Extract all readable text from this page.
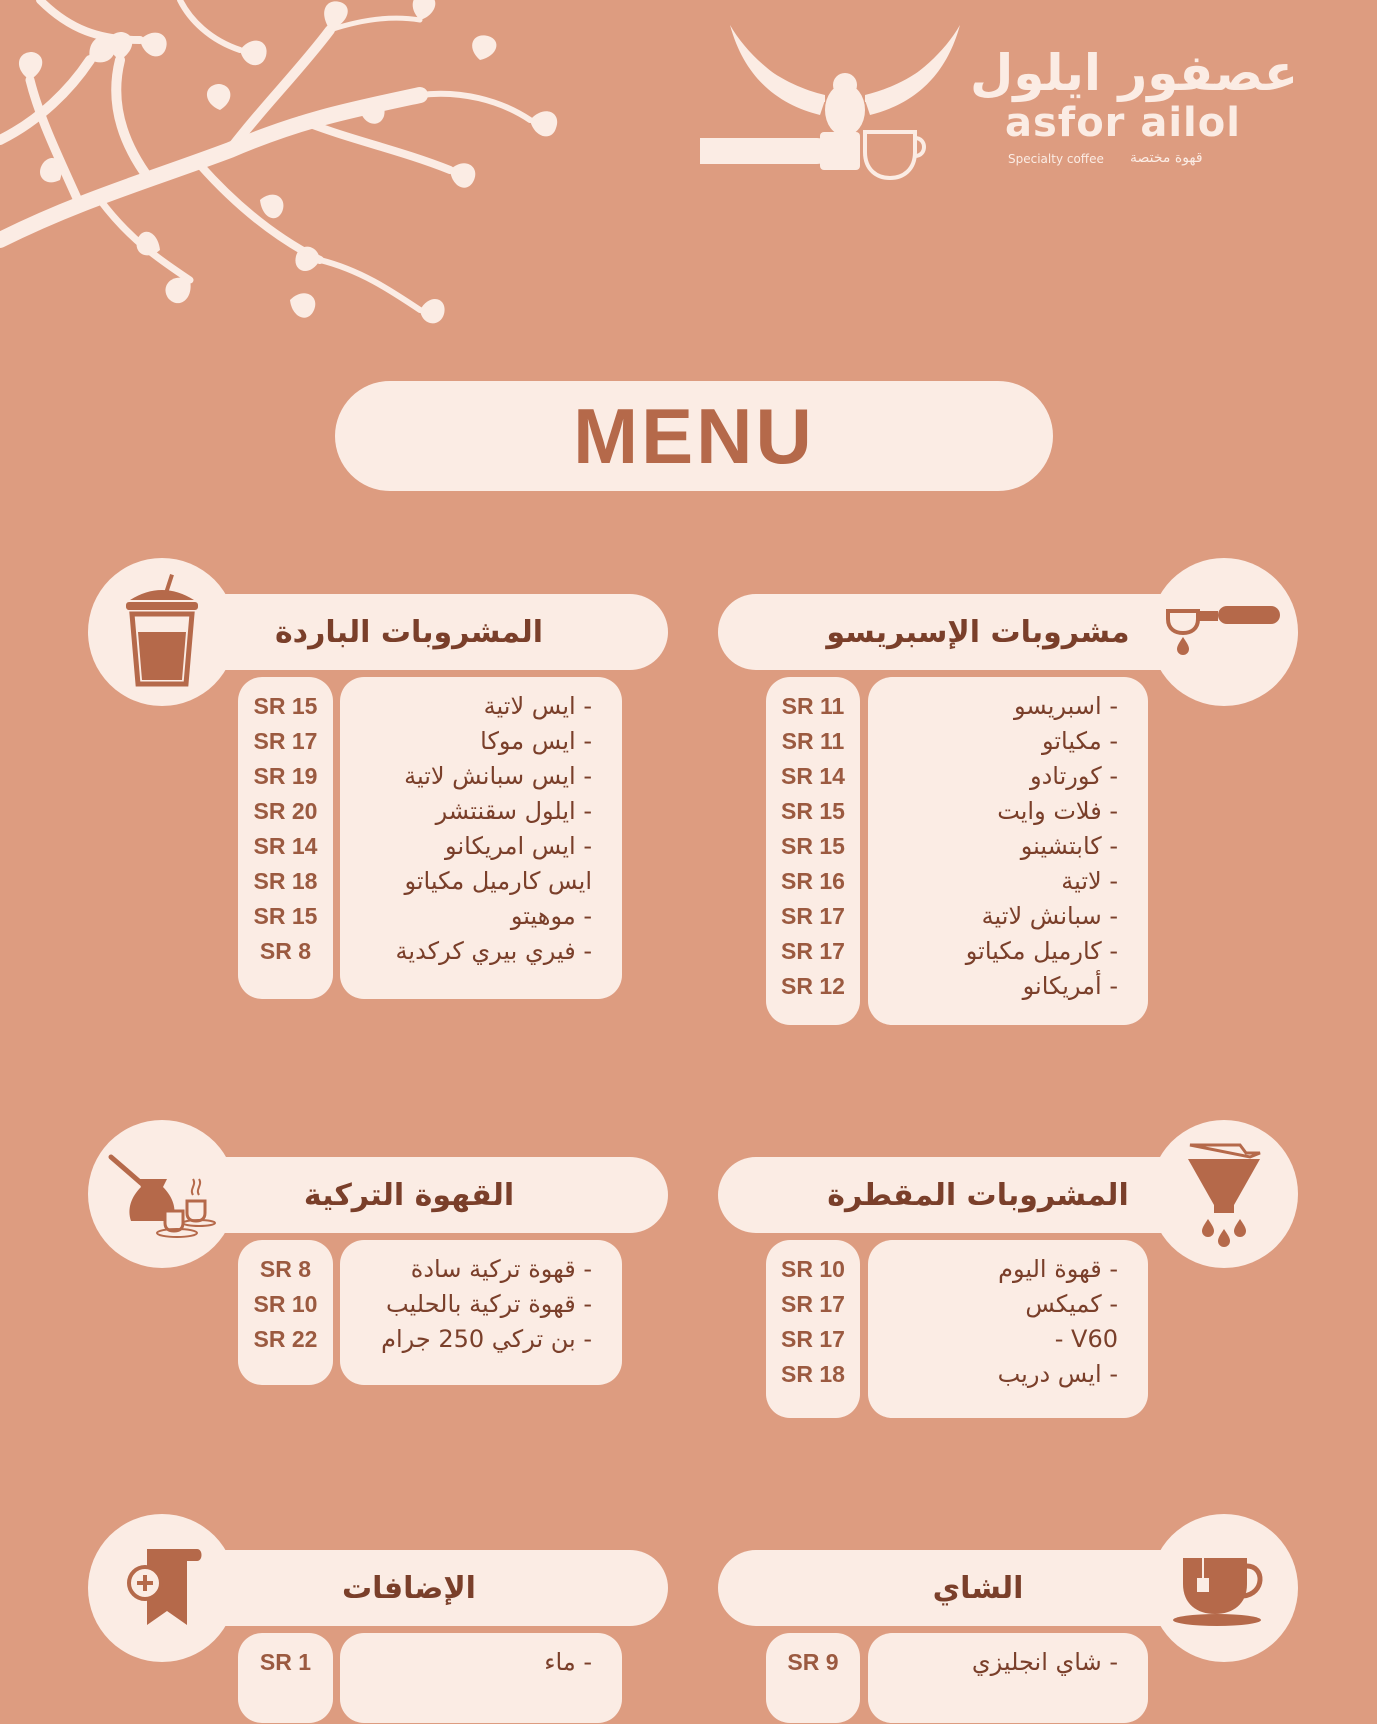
عصفور ايلول
asfor ailol
Specialty coffee قهوة مختصة
MENU
مشروبات الإسبريسو
- اسبريسو
- مكياتو
- كورتادو
- فلات وايت
- كابتشينو
- لاتية
- سبانش لاتية
- كارميل مكياتو
- أمريكانو
SR 11
SR 11
SR 14
SR 15
SR 15
SR 16
SR 17
SR 17
SR 12
المشروبات الباردة
- ايس لاتية
- ايس موكا
- ايس سبانش لاتية
- ايلول سقنتشر
- ايس امريكانو
ايس كارميل مكياتو
- موهيتو
- فيري بيري كركدية
SR 15
SR 17
SR 19
SR 20
SR 14
SR 18
SR 15
SR 8
المشروبات المقطرة
- قهوة اليوم
- كميكس
V60 -
- ايس دريب
SR 10
SR 17
SR 17
SR 18
القهوة التركية
- قهوة تركية سادة
- قهوة تركية بالحليب
- بن تركي 250 جرام
SR 8
SR 10
SR 22
الشاي
- شاي انجليزي
SR 9
الإضافات
- ماء
SR 1
